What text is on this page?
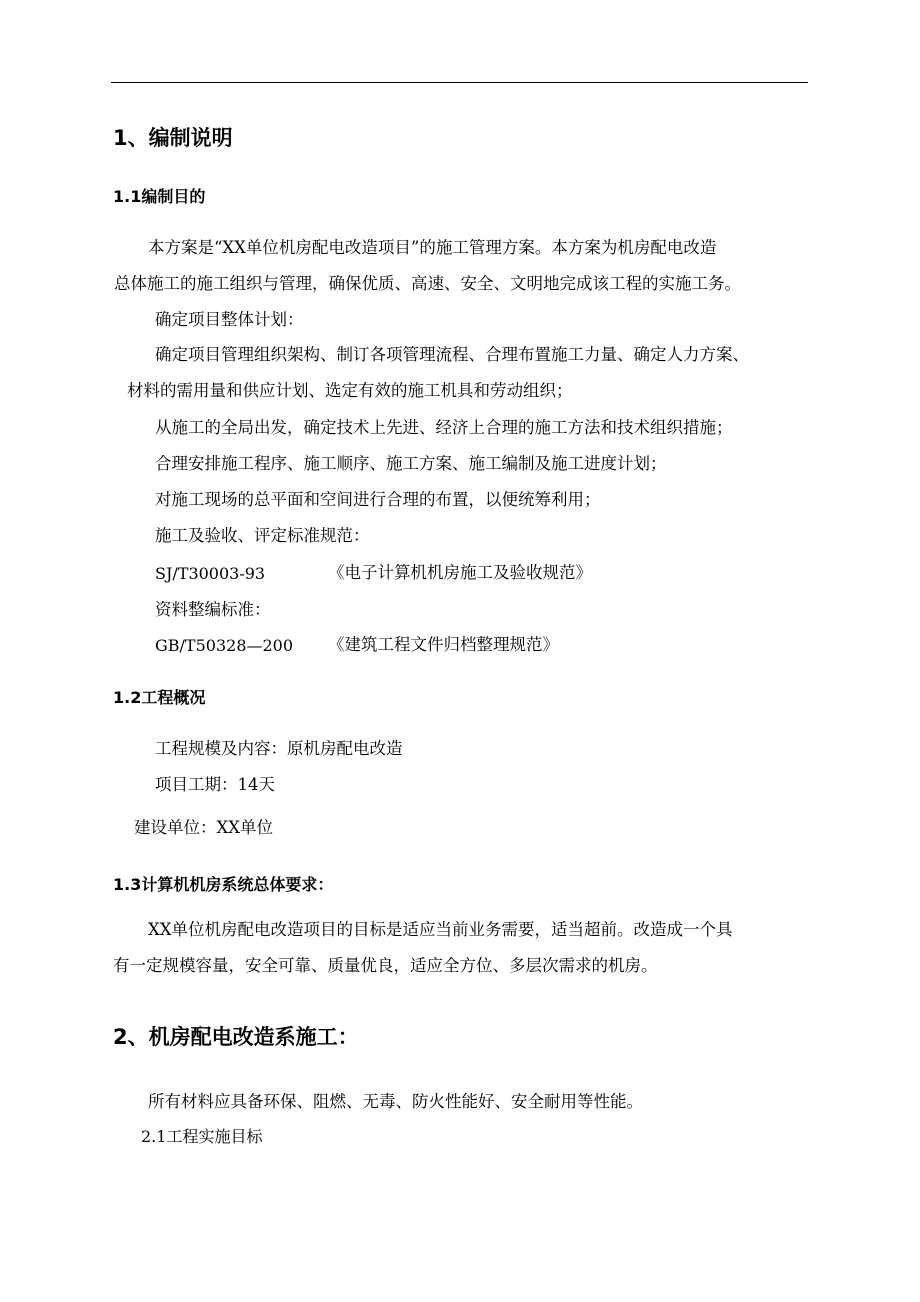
1、编制说明
1.1编制目的
本方案是“XX单位机房配电改造项目”的施工管理方案。本方案为机房配电改造
总体施工的施工组织与管理，确保优质、高速、安全、文明地完成该工程的实施工务。
确定项目整体计划：
确定项目管理组织架构、制订各项管理流程、合理布置施工力量、确定人力方案、
材料的需用量和供应计划、选定有效的施工机具和劳动组织；
从施工的全局出发，确定技术上先进、经济上合理的施工方法和技术组织措施；
合理安排施工程序、施工顺序、施工方案、施工编制及施工进度计划；
对施工现场的总平面和空间进行合理的布置，以便统筹利用；
施工及验收、评定标准规范：
SJ/T30003-93	《电子计算机机房施工及验收规范》
资料整编标准：
GB/T50328—200 《建筑工程文件归档整理规范》
1.2工程概况
工程规模及内容：原机房配电改造
项目工期：14天
建设单位：XX单位
1.3计算机机房系统总体要求：
XX单位机房配电改造项目的目标是适应当前业务需要，适当超前。改造成一个具
有一定规模容量，安全可靠、质量优良，适应全方位、多层次需求的机房。
2、机房配电改造系施工：
所有材料应具备环保、阻燃、无毒、防火性能好、安全耐用等性能。
2.1工程实施目标
